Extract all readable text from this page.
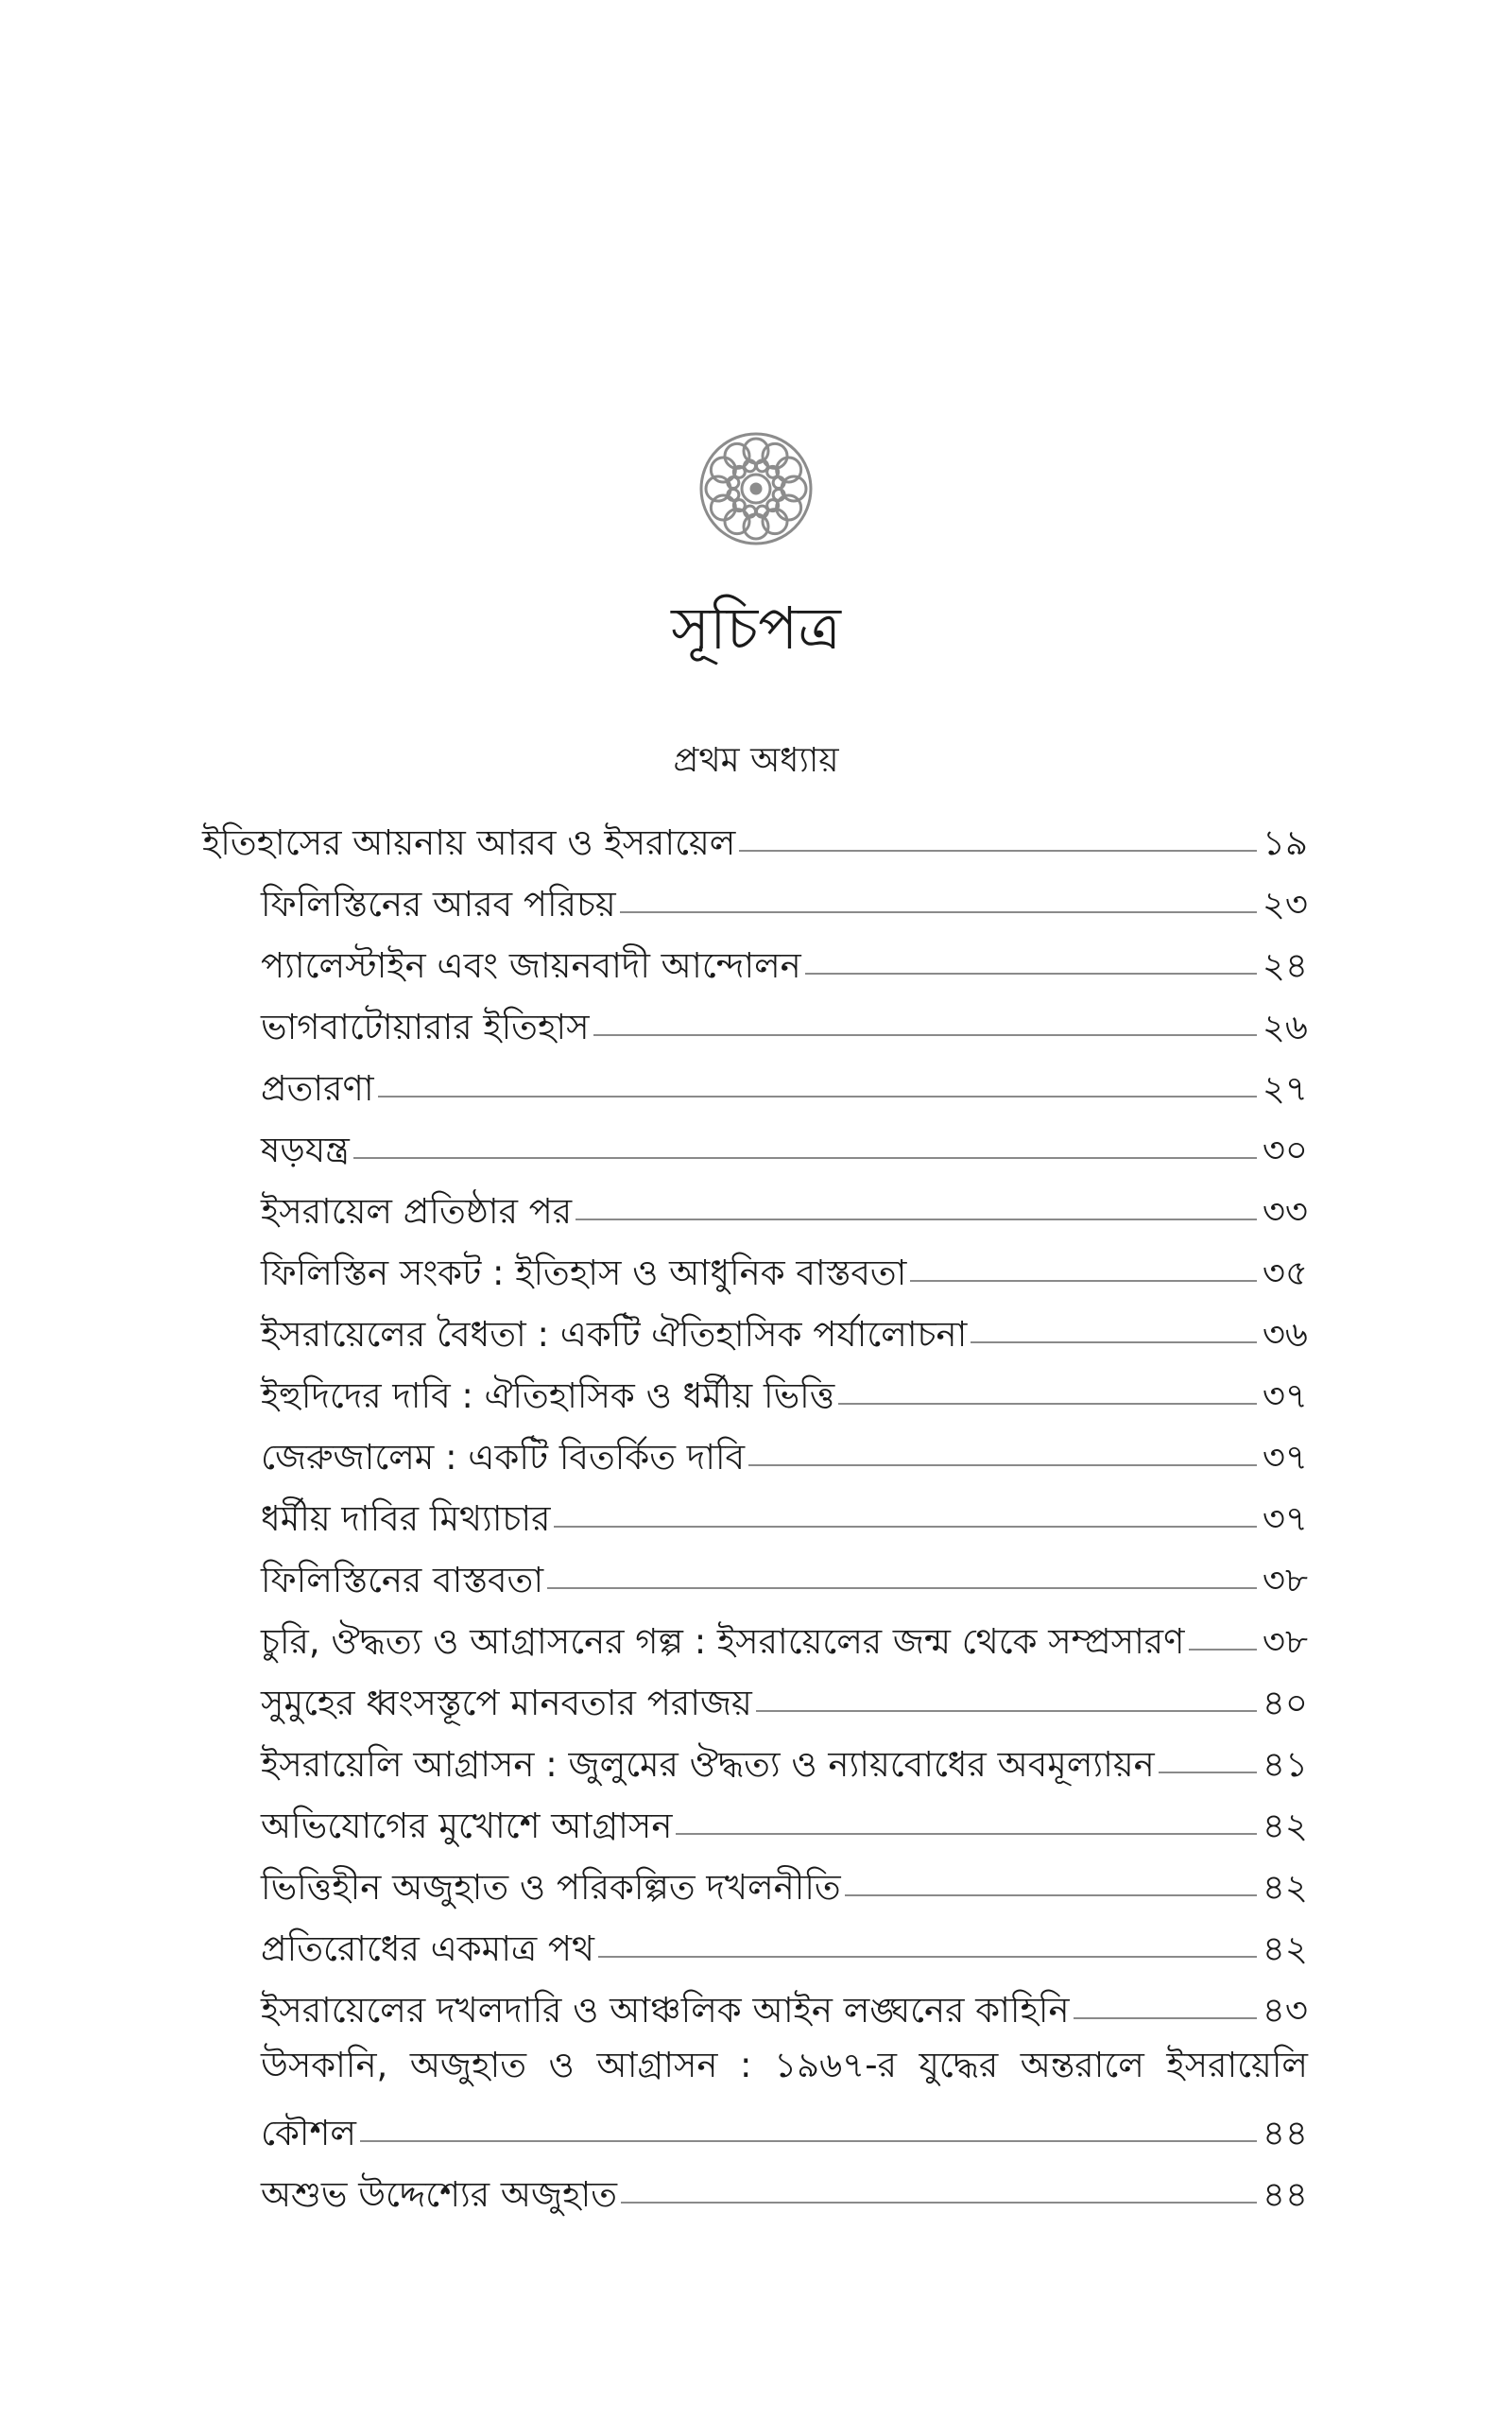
সূচিপত্র
প্রথম অধ্যায়
ইতিহাসের আয়নায় আরব ও ইসরায়েল	১৯
ফিলিস্তিনের আরব পরিচয়	২৩
প্যালেস্টাইন এবং জায়নবাদী আন্দোলন	২৪
ভাগবাটোয়ারার ইতিহাস	২৬
প্রতারণা	২৭
ষড়যন্ত্র	৩০
ইসরায়েল প্রতিষ্ঠার পর	৩৩
ফিলিস্তিন সংকট : ইতিহাস ও আধুনিক বাস্তবতা	৩৫
ইসরায়েলের বৈধতা : একটি ঐতিহাসিক পর্যালোচনা	৩৬
ইহুদিদের দাবি : ঐতিহাসিক ও ধর্মীয় ভিত্তি	৩৭
জেরুজালেম : একটি বিতর্কিত দাবি	৩৭
ধর্মীয় দাবির মিথ্যাচার	৩৭
ফিলিস্তিনের বাস্তবতা	৩৮
চুরি, ঔদ্ধত্য ও আগ্রাসনের গল্প : ইসরায়েলের জন্ম থেকে সম্প্রসারণ ৩৮
সুমুহের ধ্বংসস্তূপে মানবতার পরাজয়	৪০
ইসরায়েলি আগ্রাসন : জুলুমের ঔদ্ধত্য ও ন্যায়বোধের অবমূল্যায়ন	৪১
অভিযোগের মুখোশে আগ্রাসন	৪২
ভিত্তিহীন অজুহাত ও পরিকল্পিত দখলনীতি	৪২
প্রতিরোধের একমাত্র পথ	৪২
ইসরায়েলের দখলদারি ও আঞ্চলিক আইন লঙ্ঘনের কাহিনি	৪৩
উসকানি, অজুহাত ও আগ্রাসন : ১৯৬৭-র যুদ্ধের অন্তরালে ইসরায়েলি
কৌশল	৪৪
অশুভ উদ্দেশ্যের অজুহাত	৪৪
